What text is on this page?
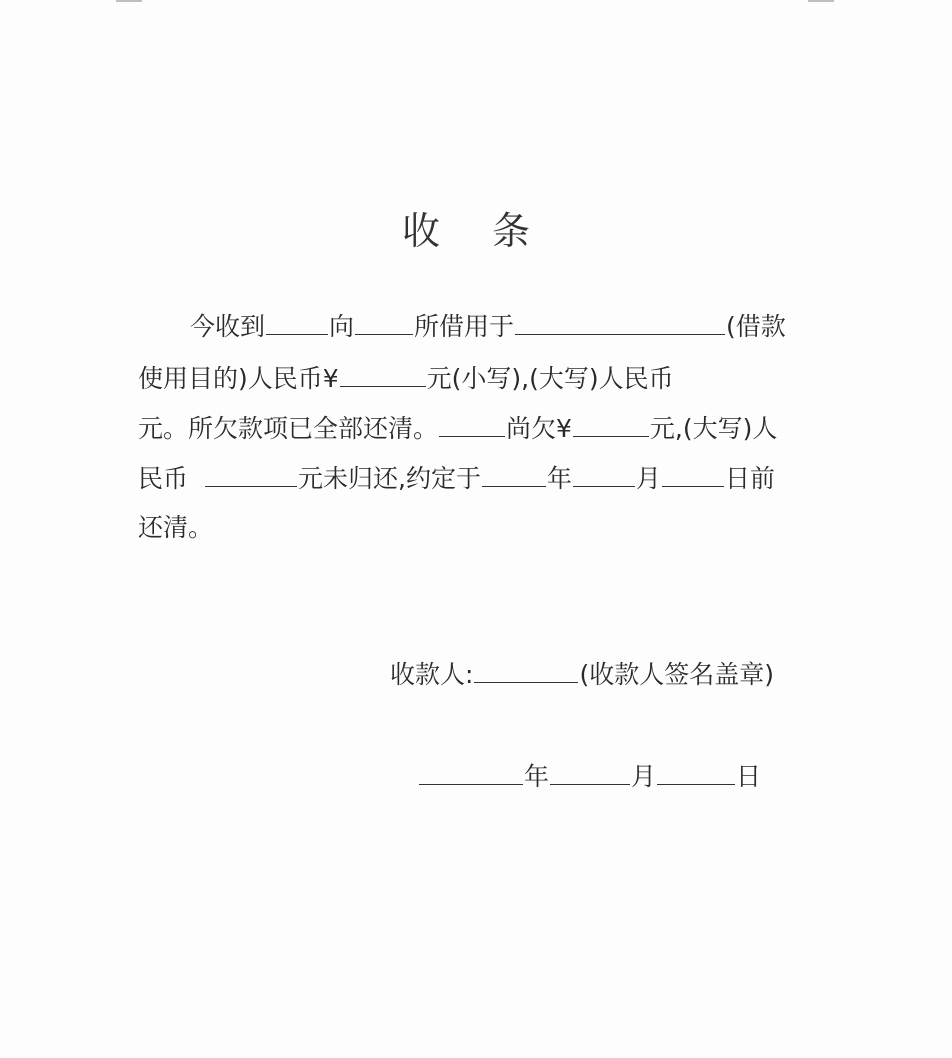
收 条
今收到	向 所借用于	(借款
使用目的)人民币¥	元(小写),(大写)人民币
元。所欠款项已全部还清。	尚欠¥	元,(大写)人
民币	元未归还,约定于	年	月	日前
还清。
收款人:	(收款人签名盖章)
年	月	日
